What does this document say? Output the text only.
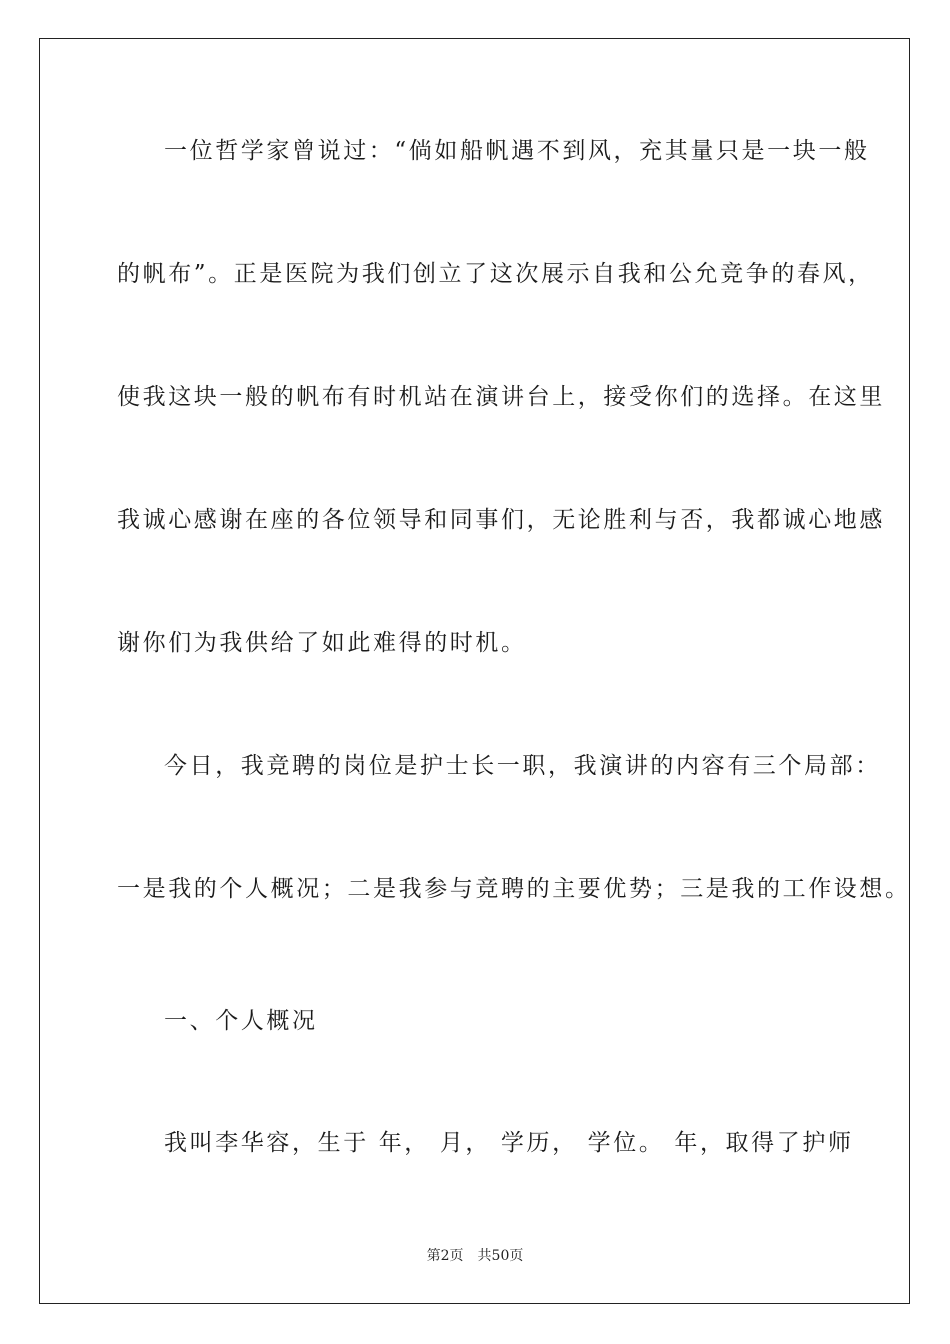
一位哲学家曾说过：“倘如船帆遇不到风，充其量只是一块一般
的帆布”。正是医院为我们创立了这次展示自我和公允竞争的春风，
使我这块一般的帆布有时机站在演讲台上，接受你们的选择。在这里
我诚心感谢在座的各位领导和同事们，无论胜利与否，我都诚心地感
谢你们为我供给了如此难得的时机。
今日，我竞聘的岗位是护士长一职，我演讲的内容有三个局部：
一是我的个人概况；二是我参与竞聘的主要优势；三是我的工作设想。
一、个人概况
我叫李华容，生于 年， 月， 学历， 学位。 年，取得了护师
第2页 共50页
